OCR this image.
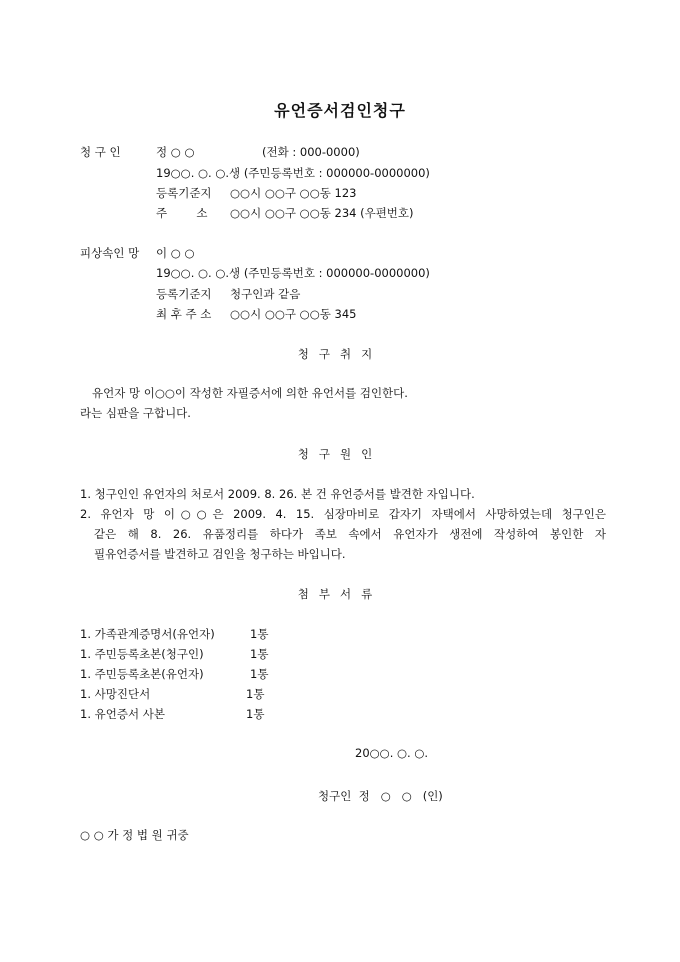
유언증서검인청구
청 구 인	정 ○ ○	(전화 : 000-0000)
19○○. ○. ○.생 (주민등록번호 : 000000-0000000)
등록기준지 ○○시 ○○구 ○○동 123
주        소 ○○시 ○○구 ○○동 234 (우편번호)
피상속인 망 이 ○ ○
19○○. ○. ○.생 (주민등록번호 : 000000-0000000)
등록기준지 청구인과 같음
최 후 주 소 ○○시 ○○구 ○○동 345
청구취지
유언자 망 이○○이 작성한 자필증서에 의한 유언서를 검인한다.
라는 심판을 구합니다.
청구원인
1. 청구인인 유언자의 처로서 2009. 8. 26. 본 건 유언증서를 발견한 자입니다.
2. 유언자 망 이○○은 2009. 4. 15. 심장마비로 갑자기 자택에서 사망하였는데 청구인은
같은 해 8. 26. 유품정리를 하다가 족보 속에서 유언자가 생전에 작성하여 봉인한 자
필유언증서를 발견하고 검인을 청구하는 바입니다.
첨부서류
1. 가족관계증명서(유언자)	1통
1. 주민등록초본(청구인)	1통
1. 주민등록초본(유언자)	1통
1. 사망진단서	1통
1. 유언증서 사본	1통
20○○. ○. ○.
청구인  정   ○   ○   (인)
○ ○ 가 정 법 원 귀중
